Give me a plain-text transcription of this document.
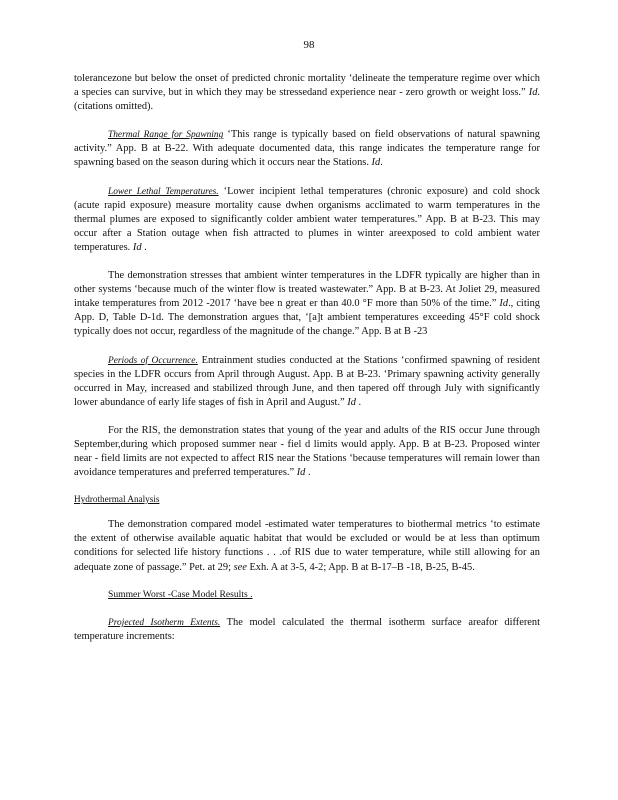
98

tolerancezone but below the onset of predicted chronic mortality ‘delineate the temperature regime over which a species can survive, but in which they may be stressedand experience near - zero growth or weight loss.” Id. (citations omitted).

Thermal Range for Spawning ‘This range is typically based on field observations of natural spawning activity.” App. B at B-22. With adequate documented data, this range indicates the temperature range for spawning based on the season during which it occurs near the Stations. Id.

Lower Lethal Temperatures. ‘Lower incipient lethal temperatures (chronic exposure) and cold shock (acute rapid exposure) measure mortality cause dwhen organisms acclimated to warm temperatures in the thermal plumes are exposed to significantly colder ambient water temperatures.” App. B at B-23. This may occur after a Station outage when fish attracted to plumes in winter areexposed to cold ambient water temperatures. Id .

The demonstration stresses that ambient winter temperatures in the LDFR typically are higher than in other systems ‘because much of the winter flow is treated wastewater.” App. B at B-23. At Joliet 29, measured intake temperatures from 2012 -2017 ‘have bee n great er than 40.0 °F more than 50% of the time.” Id., citing App. D, Table D-1d. The demonstration argues that, ‘[a]t ambient temperatures exceeding 45°F cold shock typically does not occur, regardless of the magnitude of the change.” App. B at B -23

Periods of Occurrence. Entrainment studies conducted at the Stations ‘confirmed spawning of resident species in the LDFR occurs from April through August. App. B at B-23. ‘Primary spawning activity generally occurred in May, increased and stabilized through June, and then tapered off through July with significantly lower abundance of early life stages of fish in April and August.” Id .

For the RIS, the demonstration states that young of the year and adults of the RIS occur June through September,during which proposed summer near - fiel d limits would apply. App. B at B-23. Proposed winter near - field limits are not expected to affect RIS near the Stations ‘because temperatures will remain lower than avoidance temperatures and preferred temperatures.” Id .

Hydrothermal Analysis

The demonstration compared model -estimated water temperatures to biothermal metrics ‘to estimate the extent of otherwise available aquatic habitat that would be excluded or would be at less than optimum conditions for selected life history functions . . .of RIS due to water temperature, while still allowing for an adequate zone of passage.” Pet. at 29; see Exh. A at 3-5, 4-2; App. B at B-17–B -18, B-25, B-45.

Summer Worst -Case Model Results .

Projected Isotherm Extents. The model calculated the thermal isotherm surface areafor different temperature increments:
